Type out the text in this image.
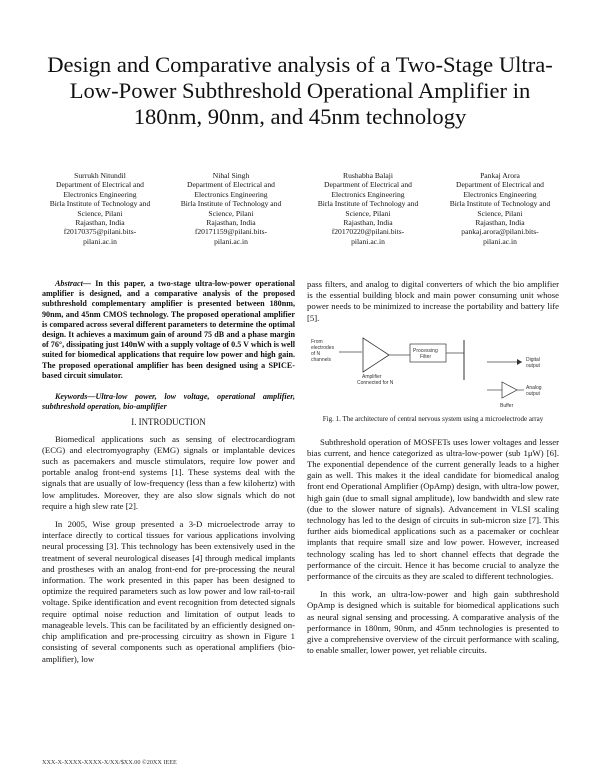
Design and Comparative analysis of a Two-Stage Ultra-Low-Power Subthreshold Operational Amplifier in 180nm, 90nm, and 45nm technology
Surrukh Nitundil
Department of Electrical and
Electronics Engineering
Birla Institute of Technology and
Science, Pilani
Rajasthan, India
f20170375@pilani.bits-
pilani.ac.in
Nihal Singh
Department of Electrical and
Electronics Engineering
Birla Institute of Technology and
Science, Pilani
Rajasthan, India
f20171159@pilani.bits-
pilani.ac.in
Rushabha Balaji
Department of Electrical and
Electronics Engineering
Birla Institute of Technology and
Science, Pilani
Rajasthan, India
f20170220@pilani.bits-
pilani.ac.in
Pankaj Arora
Department of Electrical and
Electronics Engineering
Birla Institute of Technology and
Science, Pilani
Rajasthan, India
pankaj.arora@pilani.bits-
pilani.ac.in

Abstract— In this paper, a two-stage ultra-low-power operational amplifier is designed, and a comparative analysis of the proposed subthreshold complementary amplifier is presented between 180nm, 90nm, and 45nm CMOS technology. The proposed operational amplifier is compared across several different parameters to determine the optimal design. It achieves a maximum gain of around 75 dB and a phase margin of 76°, dissipating just 140nW with a supply voltage of 0.5 V which is well suited for biomedical applications that require low power and high gain. The proposed operational amplifier has been designed using a SPICE-based circuit simulator.

Keywords—Ultra-low power, low voltage, operational amplifier, subthreshold operation, bio-amplifier

I. INTRODUCTION

Biomedical applications such as sensing of electrocardiogram (ECG) and electromyography (EMG) signals or implantable devices such as pacemakers and muscle stimulators, require low power and portable analog front-end systems [1]. These systems deal with the signals that are usually of low-frequency (less than a few kilohertz) with low amplitudes. Moreover, they are also slow signals which do not require a high slew rate [2].

In 2005, Wise group presented a 3-D microelectrode array to interface directly to cortical tissues for various applications involving neural processing [3]. This technology has been extensively used in the treatment of several neurological diseases [4] through medical implants and prostheses with an analog front-end for pre-processing the neural information. The work presented in this paper has been designed to optimize the required parameters such as low power and low rail-to-rail voltage. Spike identification and event recognition from detected signals require optimal noise reduction and limitation of output leads to manageable levels. This can be facilitated by an efficiently designed on-chip amplification and pre-processing circuitry as shown in Figure 1 consisting of several components such as operational amplifiers (bio-amplifier), low

pass filters, and analog to digital converters of which the bio amplifier is the essential building block and main power consuming unit whose power needs to be minimized to increase the portability and battery life [5].

From
electrodes
of N
channels
Amplifier
Connected for N
Processing
Filter	Digital
output
Analog
output
Buffer
Fig. 1. The architecture of central nervous system using a microelectrode array

Subthreshold operation of MOSFETs uses lower voltages and lesser bias current, and hence categorized as ultra-low-power (sub 1μW) [6]. The exponential dependence of the current generally leads to a higher gain as well. This makes it the ideal candidate for biomedical analog front end Operational Amplifier (OpAmp) design, with ultra-low power, high gain (due to small signal amplitude), low bandwidth and slew rate (due to the slower nature of signals). Advancement in VLSI scaling technology has led to the design of circuits in sub-micron size [7]. This further aids biomedical applications such as a pacemaker or cochlear implants that require small size and low power. However, increased technology scaling has led to short channel effects that degrade the performance of the circuit. Hence it has become crucial to analyze the performance of the circuits as they are scaled to different technologies.

In this work, an ultra-low-power and high gain subthreshold OpAmp is designed which is suitable for biomedical applications such as neural signal sensing and processing. A comparative analysis of the performance in 180nm, 90nm, and 45nm technologies is presented to give a comprehensive overview of the circuit performance with scaling, to enable smaller, lower power, yet reliable circuits.

XXX-X-XXXX-XXXX-X/XX/$XX.00 ©20XX IEEE
